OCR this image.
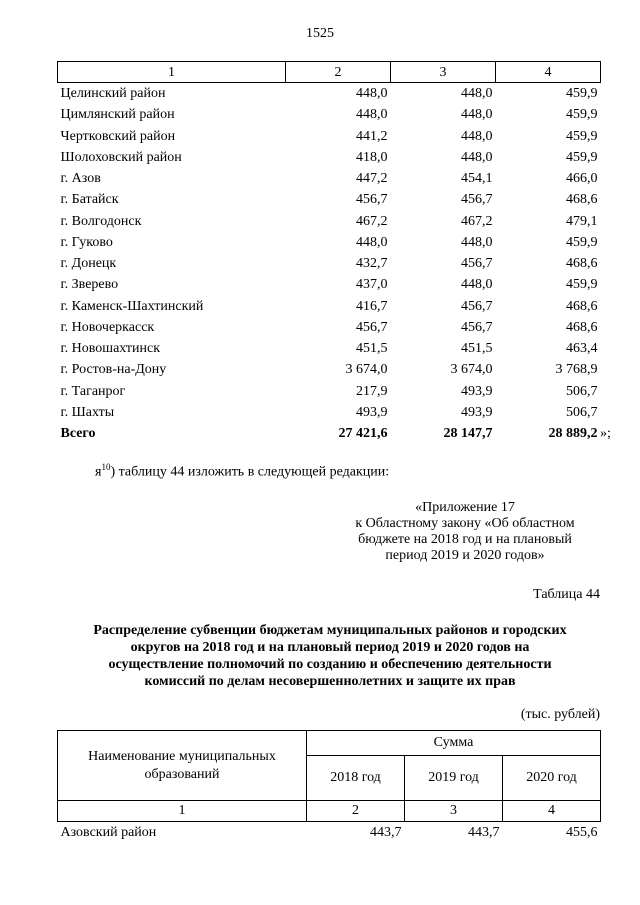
1525
1	2	3	4
Целинский район	448,0	448,0	459,9
Цимлянский район	448,0	448,0	459,9
Чертковский район	441,2	448,0	459,9
Шолоховский район	418,0	448,0	459,9
г. Азов	447,2	454,1	466,0
г. Батайск	456,7	456,7	468,6
г. Волгодонск	467,2	467,2	479,1
г. Гуково	448,0	448,0	459,9
г. Донецк	432,7	456,7	468,6
г. Зверево	437,0	448,0	459,9
г. Каменск-Шахтинский	416,7	456,7	468,6
г. Новочеркасск	456,7	456,7	468,6
г. Новошахтинск	451,5	451,5	463,4
г. Ростов-на-Дону	3 674,0	3 674,0	3 768,9
г. Таганрог	217,9	493,9	506,7
г. Шахты	493,9	493,9	506,7
Всего	27 421,6	28 147,7	28 889,2 »;
$я^{10}$) таблицу 44 изложить в следующей редакции:
«Приложение 17
к Областному закону «Об областном
бюджете на 2018 год и на плановый
период 2019 и 2020 годов»
Таблица 44
Распределение субвенции бюджетам муниципальных районов и городских
округов на 2018 год и на плановый период 2019 и 2020 годов на
осуществление полномочий по созданию и обеспечению деятельности
комиссий по делам несовершеннолетних и защите их прав
(тыс. рублей)
Наименование муниципальных
образований	Сумма		
	2018 год	2019 год	2020 год
1	2	3	4
Азовский район	443,7	443,7	455,6
